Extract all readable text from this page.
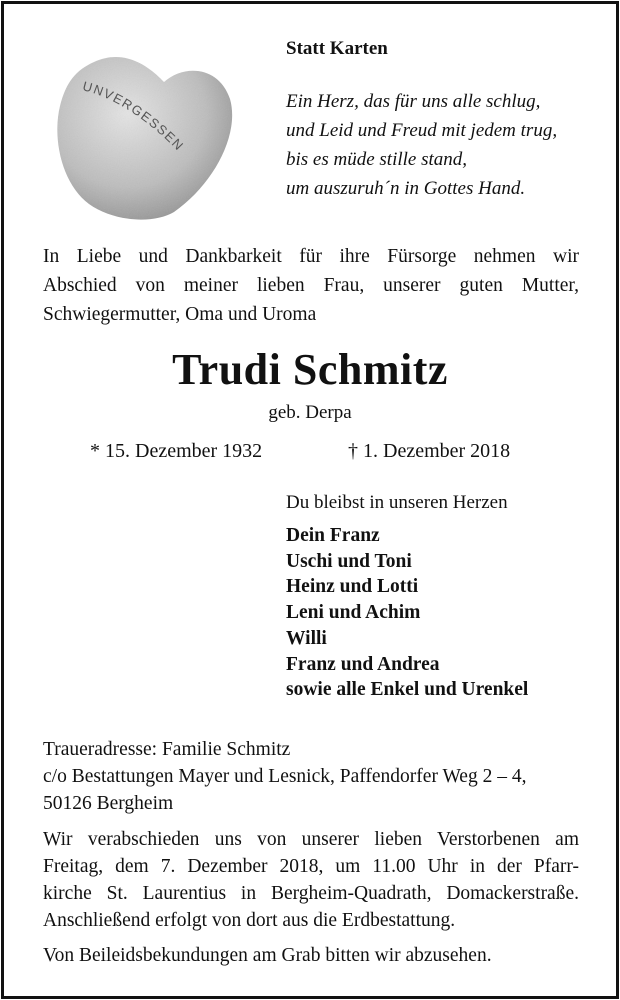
UNVERGESSEN
Statt Karten
Ein Herz, das für uns alle schlug,
und Leid und Freud mit jedem trug,
bis es müde stille stand,
um auszuruh´n in Gottes Hand.
In Liebe und Dankbarkeit für ihre Fürsorge nehmen wir
Abschied von meiner lieben Frau, unserer guten Mutter,
Schwiegermutter, Oma und Uroma
Trudi Schmitz
geb. Derpa
* 15. Dezember 1932	† 1. Dezember 2018
Du bleibst in unseren Herzen
Dein Franz
Uschi und Toni
Heinz und Lotti
Leni und Achim
Willi
Franz und Andrea
sowie alle Enkel und Urenkel
Traueradresse: Familie Schmitz
c/o Bestattungen Mayer und Lesnick, Paffendorfer Weg 2 – 4,
50126 Bergheim
Wir verabschieden uns von unserer lieben Verstorbenen am
Freitag, dem 7. Dezember 2018, um 11.00 Uhr in der Pfarr-
kirche St. Laurentius in Bergheim-Quadrath, Domackerstraße.
Anschließend erfolgt von dort aus die Erdbestattung.
Von Beileidsbekundungen am Grab bitten wir abzusehen.
